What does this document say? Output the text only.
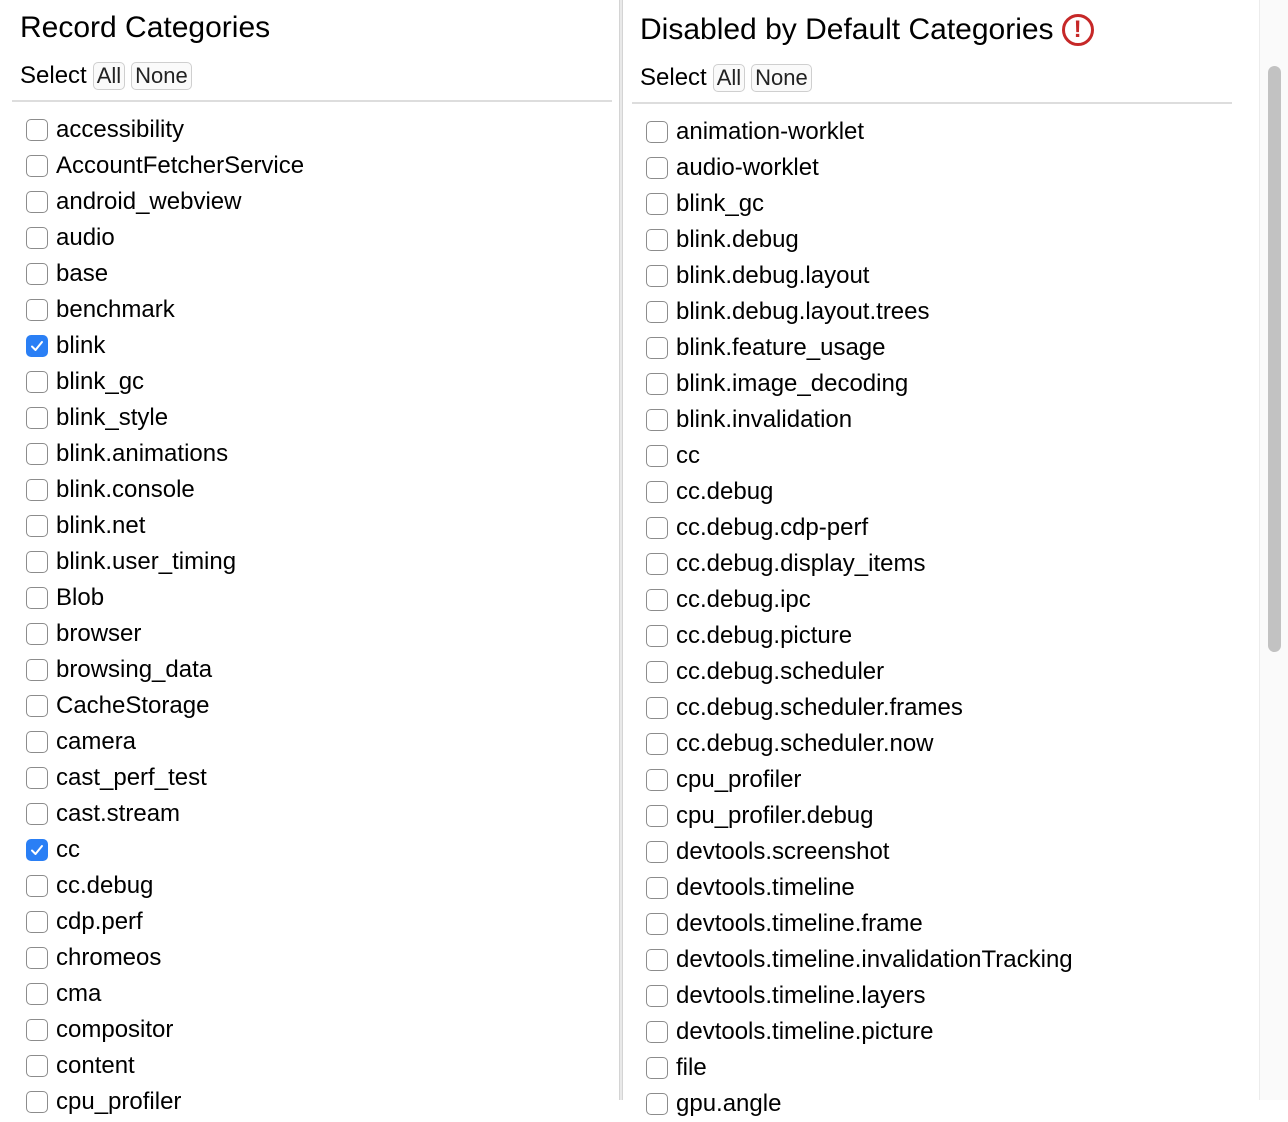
Record Categories
Select All None
accessibility
AccountFetcherService
android_webview
audio
base
benchmark
blink
blink_gc
blink_style
blink.animations
blink.console
blink.net
blink.user_timing
Blob
browser
browsing_data
CacheStorage
camera
cast_perf_test
cast.stream
cc
cc.debug
cdp.perf
chromeos
cma
compositor
content
cpu_profiler
Disabled by Default Categories !
Select All None
animation-worklet
audio-worklet
blink_gc
blink.debug
blink.debug.layout
blink.debug.layout.trees
blink.feature_usage
blink.image_decoding
blink.invalidation
cc
cc.debug
cc.debug.cdp-perf
cc.debug.display_items
cc.debug.ipc
cc.debug.picture
cc.debug.scheduler
cc.debug.scheduler.frames
cc.debug.scheduler.now
cpu_profiler
cpu_profiler.debug
devtools.screenshot
devtools.timeline
devtools.timeline.frame
devtools.timeline.invalidationTracking
devtools.timeline.layers
devtools.timeline.picture
file
gpu.angle
